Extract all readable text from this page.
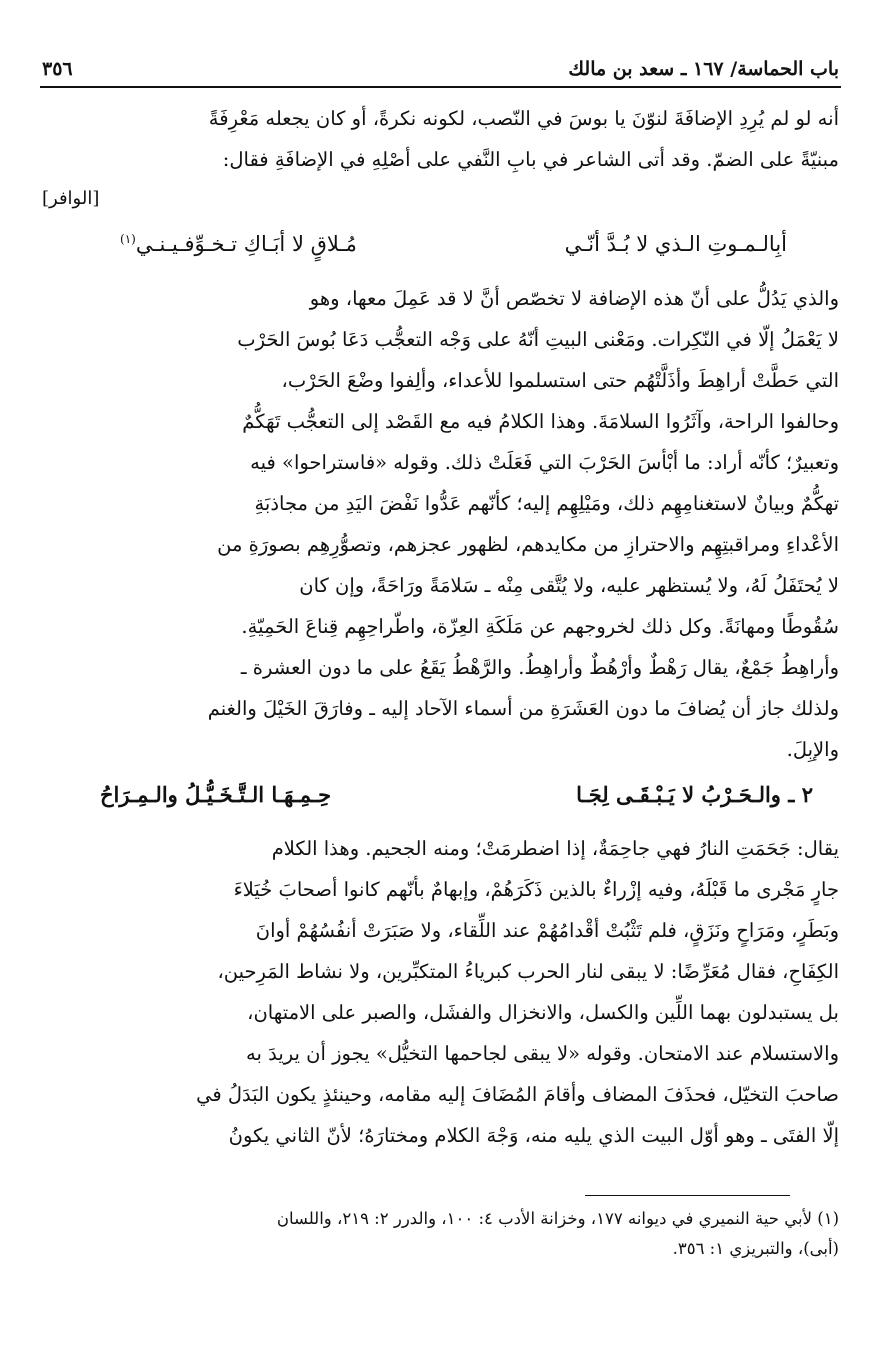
باب الحماسة/ ١٦٧ ـ سعد بن مالك
٣٥٦

أنه لو لم يُرِدِ الإضافَةَ لنوّنَ يا بوسَ في النّصب، لكونه نكرةً، أو كان يجعله مَعْرِفَةً
مبنيّةً على الضمّ. وقد أتى الشاعر في بابِ النَّفي على أصْلِهِ في الإضافَةِ فقال:

[الوافر]
أبِالـمـوتِ الـذي لا بُـدَّ أنّـي
مُـلاقٍ لا أبَـاكِ تـخـوِّفـيـنـي$^{(١)}$

والذي يَدُلُّ على أنّ هذه الإضافة لا تخصّص أنَّ لا قد عَمِلَ معها، وهو
لا يَعْمَلُ إلّا في النّكِرات. ومَعْنى البيتِ أنّهُ على وَجْه التعجُّب دَعَا بُوسَ الحَرْب
التي حَطَّتْ أراهِطَ وأذَلَّتْهُم حتى استسلموا للأعداء، وألِفوا وضْعَ الحَرْب،
وحالفوا الراحة، وآثَرُوا السلامَةَ. وهذا الكلامُ فيه مع القَصْد إلى التعجُّب تَهَكُّمٌ
وتعبيرٌ؛ كأنّه أراد: ما أبْأسَ الحَرْبَ التي فَعَلَتْ ذلك. وقوله «فاستراحوا» فيه
تهكُّمٌ وبيانٌ لاستغنامِهِم ذلك، ومَيْلِهِم إليه؛ كأنّهم عَدُّوا نَفْضَ اليَدِ من مجاذبَةِ
الأعْداءِ ومراقبتِهِم والاحترازِ من مكايدهم، لظهور عجزهم، وتصوُّرِهِم بصورَةِ من
لا يُحتَفَلُ لَهُ، ولا يُستظهر عليه، ولا يُتَّقى مِنْه ـ سَلامَةً ورَاحَةً، وإن كان
سُقُوطًا ومهانَةً. وكل ذلك لخروجهم عن مَلَكَةِ العِزّة، واطّراحِهِم قِناعَ الحَمِيّةِ.
وأراهِطُ جَمْعٌ، يقال رَهْطٌ وأرْهُطٌ وأراهِطُ. والرَّهْطُ يَقَعُ على ما دون العشرة ـ
ولذلك جاز أن يُضافَ ما دون العَشَرَةِ من أسماء الآحاد إليه ـ وفارَقَ الخَيْلَ والغنم
والإبِلَ.

٢ ـ والـحَـرْبُ لا يَـبْـقَـى لِجَـا
حِـمِـهَـا الـتَّـخَـيُّـلُ والـمِـرَاحُ

يقال: جَحَمَتِ النارُ فهي جاحِمَةٌ، إذا اضطرمَتْ؛ ومنه الجحيم. وهذا الكلام
جارٍ مَجْرى ما قَبْلَهُ، وفيه إزْراءٌ بالذين ذَكَرَهُمْ، وإبهامٌ بأنّهم كانوا أصحابَ خُيَلاءَ
وبَطَرٍ، ومَرَاحٍ ونَزَقٍ، فلم تَثْبُتْ أقْدامُهُمْ عند اللِّقاء، ولا صَبَرَتْ أنفُسُهُمْ أوانَ
الكِفَاحِ، فقال مُعَرِّضًا: لا يبقى لنار الحرب كبرياءُ المتكبِّرين، ولا نشاط المَرِحين،
بل يستبدلون بهما اللِّين والكسل، والانخزال والفشَل، والصبر على الامتهان،
والاستسلام عند الامتحان. وقوله «لا يبقى لجاحمها التخيُّل» يجوز أن يريدَ به
صاحبَ التخيّل، فحذَفَ المضاف وأقامَ المُضَافَ إليه مقامه، وحينئذٍ يكون البَدَلُ في
إلّا الفتَى ـ وهو أوّل البيت الذي يليه منه، وَجْهَ الكلام ومختارَهُ؛ لأنّ الثاني يكونُ

(١) لأبي حية النميري في ديوانه ١٧٧، وخزانة الأدب ٤: ١٠٠، والدرر ٢: ٢١٩، واللسان
(أبى)، والتبريزي ١: ٣٥٦.
